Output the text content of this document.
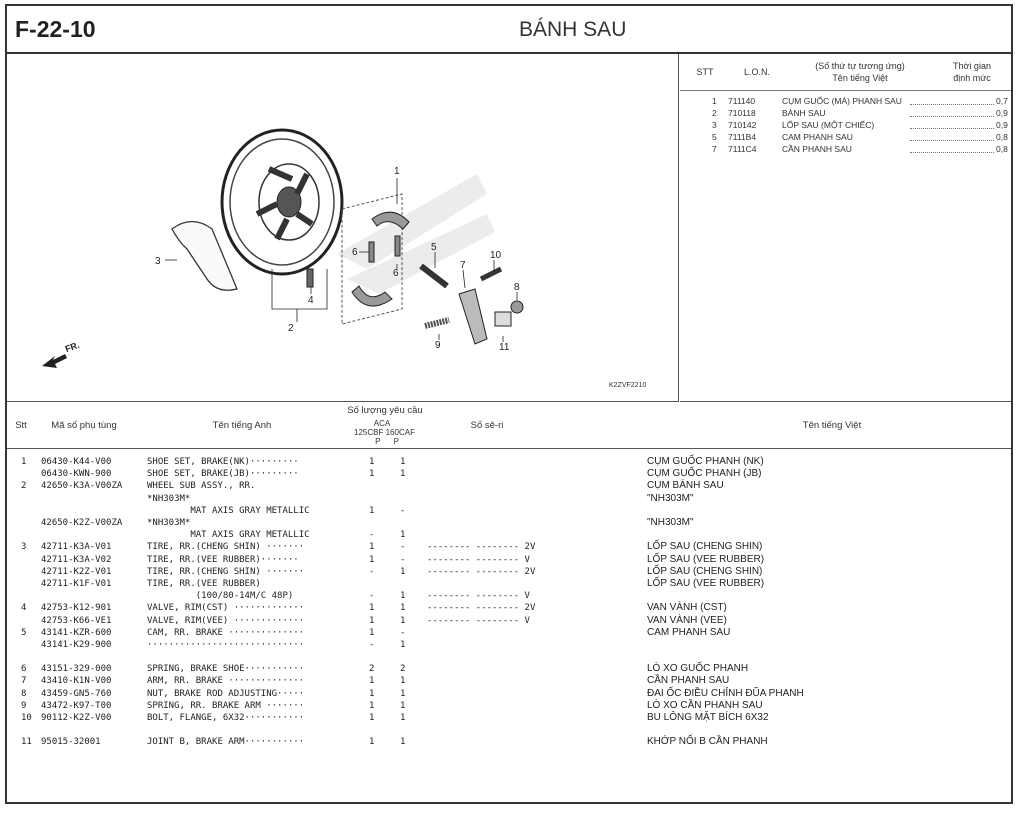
F-22-10	BÁNH SAU
1
2
3
4
5
6
6
7
8
9
10
11
FR.
K2ZVF2210
STT	L.O.N.
(Số thứ tự tương ứng)
Tên tiếng Việt
Thời gian
định mức
1 711140	CỤM GUỐC (MÁ) PHANH SAU	0,7
2 710118	BÁNH SAU	0,9
3 710142	LỐP SAU (MỘT CHIẾC)	0,9
5 7111B4	CAM PHANH SAU	0,8
7 7111C4	CẦN PHANH SAU	0,8
Stt	Mã số phụ tùng	Tên tiếng Anh
Số lượng yêu cầu
ACA
125CBF 160CAF
P      P
Số sê-ri	Tên tiếng Việt
1 06430-K44-V00	SHOE SET, BRAKE(NK)·········	1	1	CỤM GUỐC PHANH (NK)
06430-KWN-900	SHOE SET, BRAKE(JB)·········	1	1	CỤM GUỐC PHANH (JB)
2 42650-K3A-V00ZA	WHEEL SUB ASSY., RR.	CỤM BÁNH SAU
*NH303M*	"NH303M"
MAT AXIS GRAY METALLIC	1	-
42650-K2Z-V00ZA	*NH303M*	"NH303M"
MAT AXIS GRAY METALLIC	-	1
3 42711-K3A-V01	TIRE, RR.(CHENG SHIN) ·······	1	- -------- -------- 2V	LỐP SAU (CHENG SHIN)
42711-K3A-V02	TIRE, RR.(VEE RUBBER)·······	1	- -------- -------- V	LỐP SAU (VEE RUBBER)
42711-K2Z-V01	TIRE, RR.(CHENG SHIN) ·······	-	1 -------- -------- 2V	LỐP SAU (CHENG SHIN)
42711-K1F-V01	TIRE, RR.(VEE RUBBER)	LỐP SAU (VEE RUBBER)
(100/80-14M/C 48P)	-	1 -------- -------- V
4 42753-K12-901	VALVE, RIM(CST) ·············	1	1 -------- -------- 2V	VAN VÀNH (CST)
42753-K66-VE1	VALVE, RIM(VEE) ·············	1	1 -------- -------- V	VAN VÀNH (VEE)
5 43141-KZR-600	CAM, RR. BRAKE ··············	1	-	CAM PHANH SAU
43141-K29-900	·····························	-	1
6 43151-329-000	SPRING, BRAKE SHOE···········	2	2	LÒ XO GUỐC PHANH
7 43410-K1N-V00	ARM, RR. BRAKE ··············	1	1	CẦN PHANH SAU
8 43459-GN5-760	NUT, BRAKE ROD ADJUSTING·····	1	1	ĐAI ỐC ĐIỀU CHỈNH ĐŨA PHANH
9 43472-K97-T00	SPRING, RR. BRAKE ARM ·······	1	1	LÒ XO CẦN PHANH SAU
10 90112-K2Z-V00	BOLT, FLANGE, 6X32···········	1	1	BU LÔNG MẶT BÍCH 6X32
11 95015-32001	JOINT B, BRAKE ARM···········	1	1	KHỚP NỐI B CẦN PHANH
